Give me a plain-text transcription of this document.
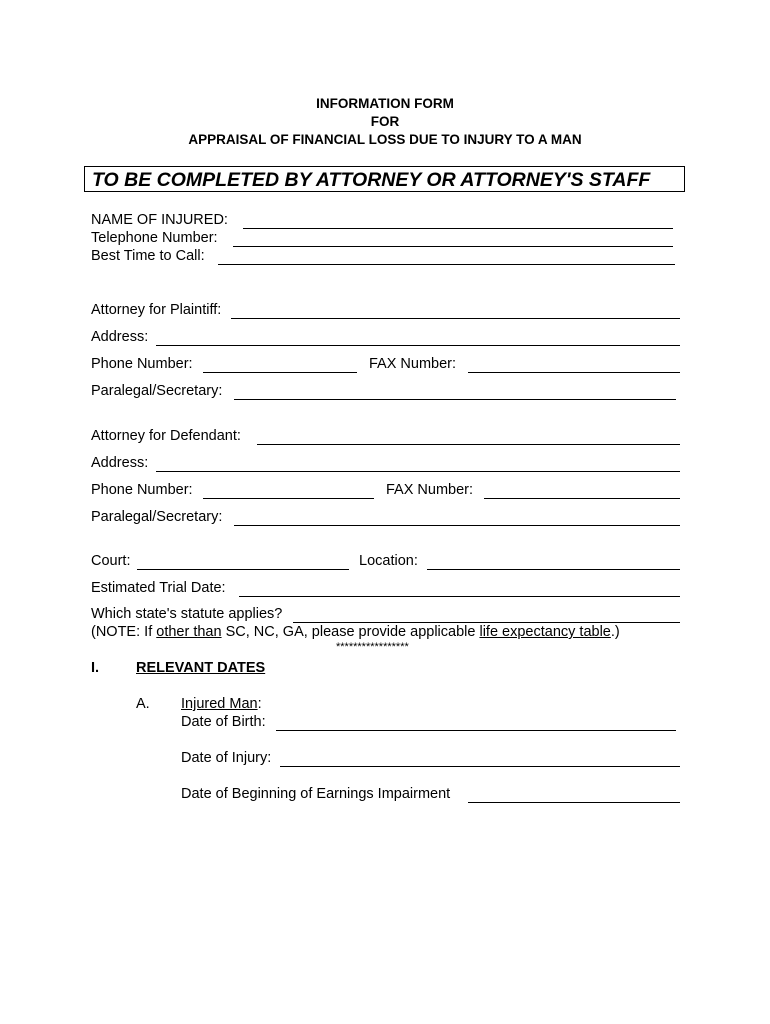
INFORMATION FORM
FOR
APPRAISAL OF FINANCIAL LOSS DUE TO INJURY TO A MAN
TO BE COMPLETED BY ATTORNEY OR ATTORNEY'S STAFF
NAME OF INJURED:
Telephone Number:
Best Time to Call:
Attorney for Plaintiff:
Address:
Phone Number:	FAX Number:
Paralegal/Secretary:
Attorney for Defendant:
Address:
Phone Number:	FAX Number:
Paralegal/Secretary:
Court:	Location:
Estimated Trial Date:
Which state's statute applies?
(NOTE: If other than SC, NC, GA, please provide applicable life expectancy table.)
*****************
I.	RELEVANT DATES
A. Injured Man:
Date of Birth:
Date of Injury:
Date of Beginning of Earnings Impairment
